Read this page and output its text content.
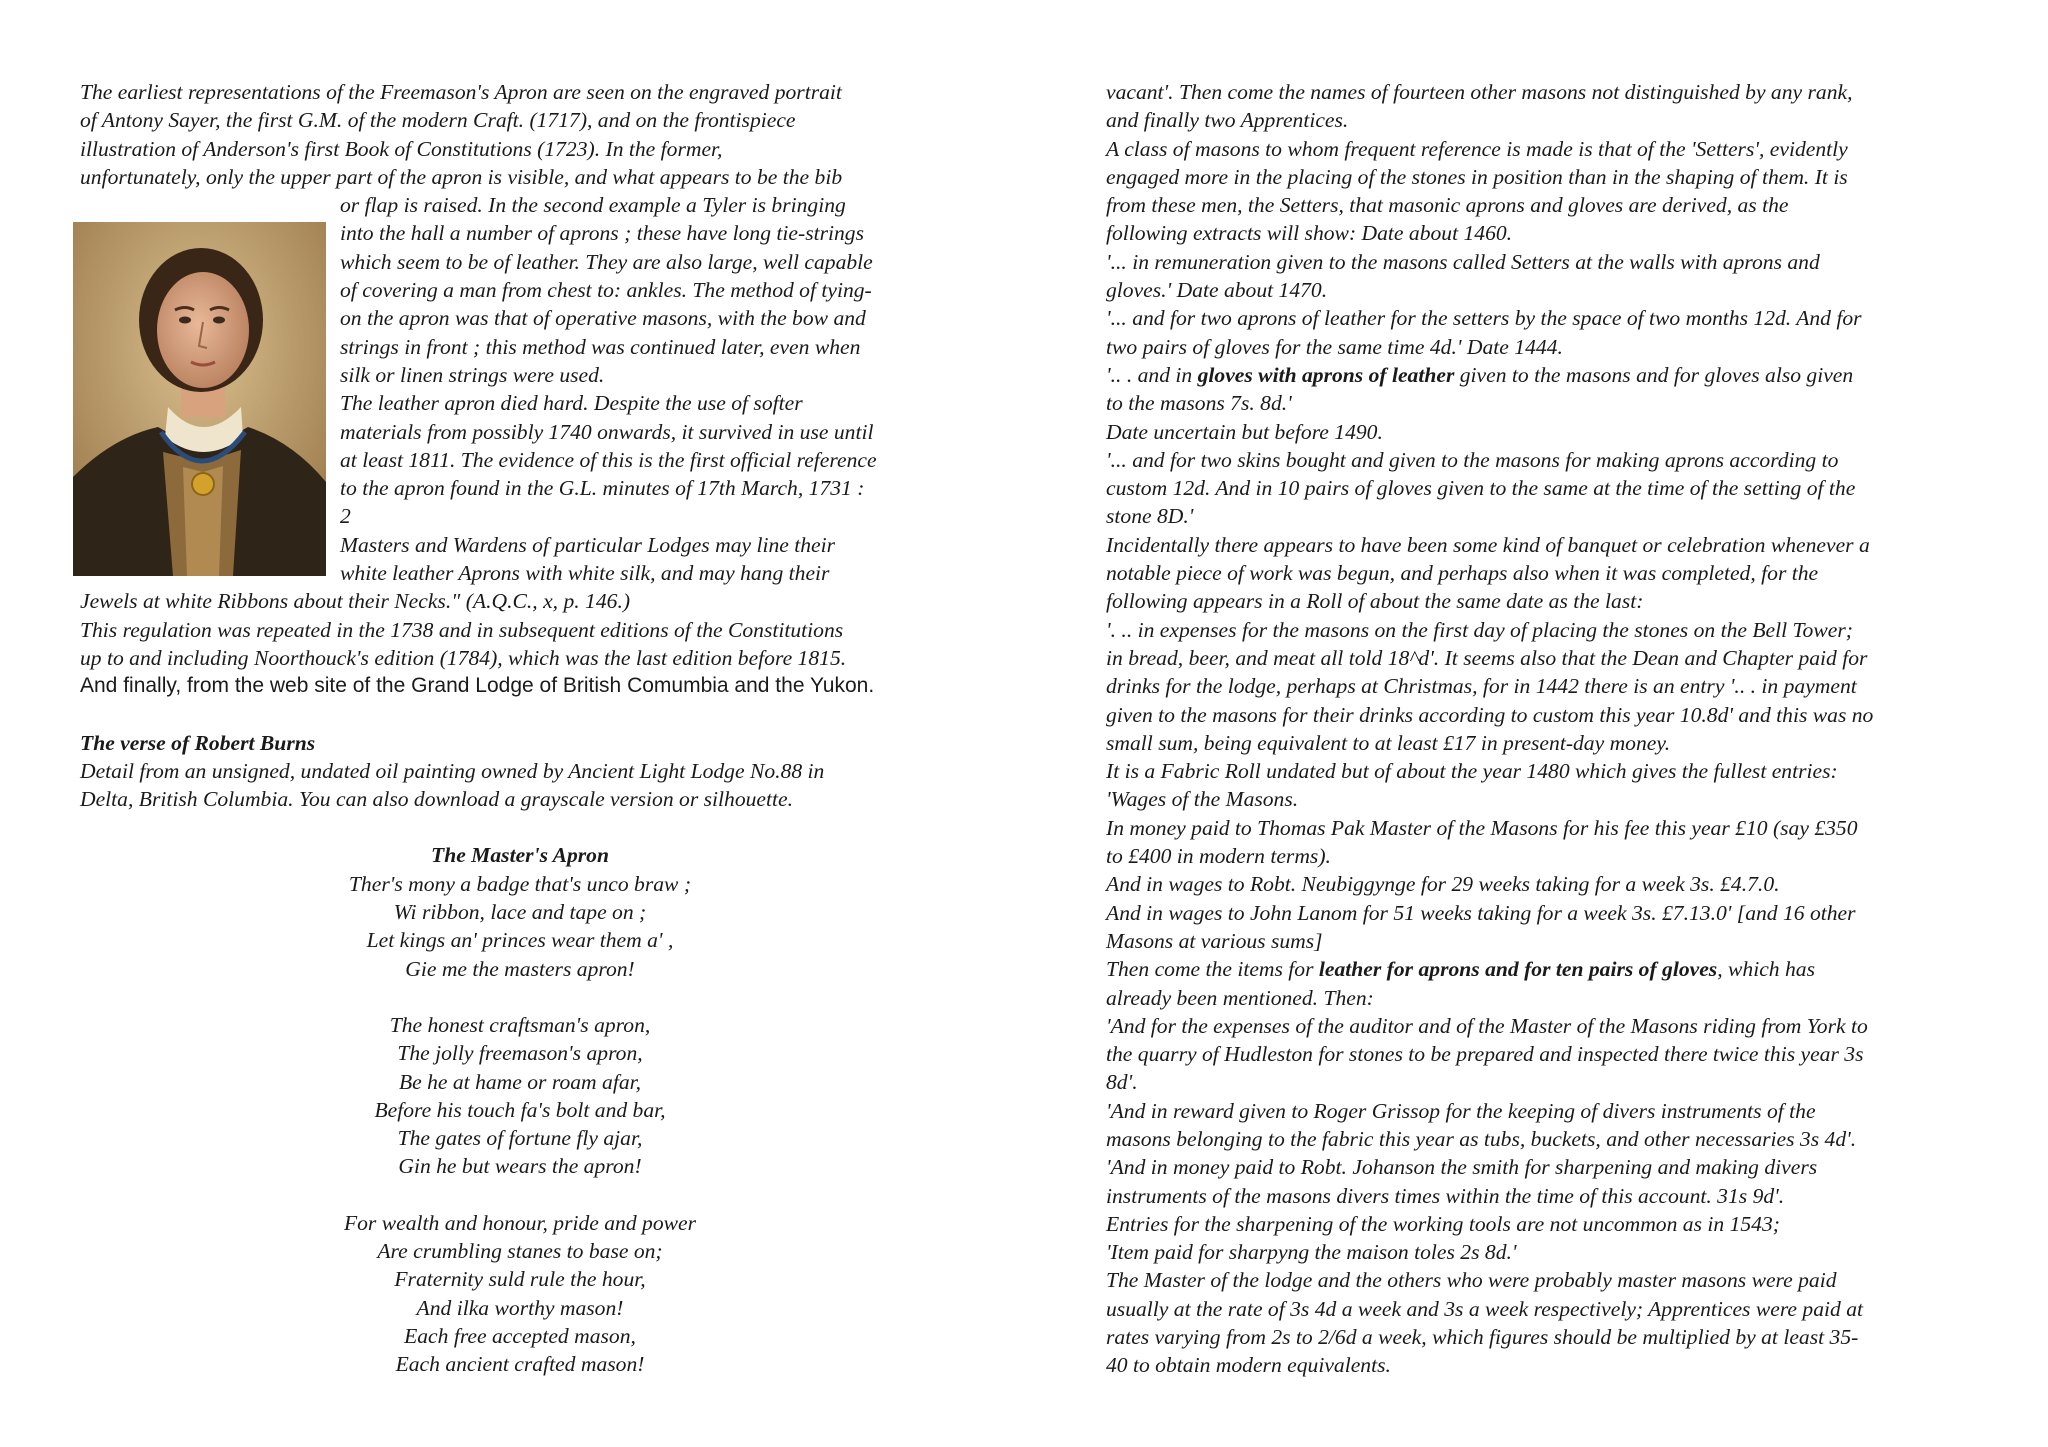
The earliest representations of the Freemason's Apron are seen on the engraved portrait
of Antony Sayer, the first G.M. of the modern Craft. (1717), and on the frontispiece
illustration of Anderson's first Book of Constitutions (1723). In the former,
unfortunately, only the upper part of the apron is visible, and what appears to be the bib
or flap is raised. In the second example a Tyler is bringing
into the hall a number of aprons ; these have long tie-strings
which seem to be of leather. They are also large, well capable
of covering a man from chest to: ankles. The method of tying-
on the apron was that of operative masons, with the bow and
strings in front ; this method was continued later, even when
silk or linen strings were used.
The leather apron died hard. Despite the use of softer
materials from possibly 1740 onwards, it survived in use until
at least 1811. The evidence of this is the first official reference
to the apron found in the G.L. minutes of 17th March, 1731 :
2
Masters and Wardens of particular Lodges may line their
white leather Aprons with white silk, and may hang their
Jewels at white Ribbons about their Necks." (A.Q.C., x, p. 146.)
This regulation was repeated in the 1738 and in subsequent editions of the Constitutions
up to and including Noorthouck's edition (1784), which was the last edition before 1815.
And finally, from the web site of the Grand Lodge of British Comumbia and the Yukon.
The verse of Robert Burns
Detail from an unsigned, undated oil painting owned by Ancient Light Lodge No.88 in
Delta, British Columbia. You can also download a grayscale version or silhouette.
The Master's Apron
Ther's mony a badge that's unco braw ;
Wi ribbon, lace and tape on ;
Let kings an' princes wear them a' ,
Gie me the masters apron!
The honest craftsman's apron,
The jolly freemason's apron,
Be he at hame or roam afar,
Before his touch fa's bolt and bar,
The gates of fortune fly ajar,
Gin he but wears the apron!
For wealth and honour, pride and power
Are crumbling stanes to base on;
Fraternity suld rule the hour,
And ilka worthy mason!
Each free accepted mason,
Each ancient crafted mason!
vacant'. Then come the names of fourteen other masons not distinguished by any rank,
and finally two Apprentices.
A class of masons to whom frequent reference is made is that of the 'Setters', evidently
engaged more in the placing of the stones in position than in the shaping of them. It is
from these men, the Setters, that masonic aprons and gloves are derived, as the
following extracts will show: Date about 1460.
'... in remuneration given to the masons called Setters at the walls with aprons and
gloves.' Date about 1470.
'... and for two aprons of leather for the setters by the space of two months 12d. And for
two pairs of gloves for the same time 4d.' Date 1444.
'.. . and in gloves with aprons of leather given to the masons and for gloves also given
to the masons 7s. 8d.'
Date uncertain but before 1490.
'... and for two skins bought and given to the masons for making aprons according to
custom 12d. And in 10 pairs of gloves given to the same at the time of the setting of the
stone 8D.'
Incidentally there appears to have been some kind of banquet or celebration whenever a
notable piece of work was begun, and perhaps also when it was completed, for the
following appears in a Roll of about the same date as the last:
'. .. in expenses for the masons on the first day of placing the stones on the Bell Tower;
in bread, beer, and meat all told 18^d'. It seems also that the Dean and Chapter paid for
drinks for the lodge, perhaps at Christmas, for in 1442 there is an entry '.. . in payment
given to the masons for their drinks according to custom this year 10.8d' and this was no
small sum, being equivalent to at least £17 in present-day money.
It is a Fabric Roll undated but of about the year 1480 which gives the fullest entries:
'Wages of the Masons.
In money paid to Thomas Pak Master of the Masons for his fee this year £10 (say £350
to £400 in modern terms).
And in wages to Robt. Neubiggynge for 29 weeks taking for a week 3s. £4.7.0.
And in wages to John Lanom for 51 weeks taking for a week 3s. £7.13.0' [and 16 other
Masons at various sums]
Then come the items for leather for aprons and for ten pairs of gloves, which has
already been mentioned. Then:
'And for the expenses of the auditor and of the Master of the Masons riding from York to
the quarry of Hudleston for stones to be prepared and inspected there twice this year 3s
8d'.
'And in reward given to Roger Grissop for the keeping of divers instruments of the
masons belonging to the fabric this year as tubs, buckets, and other necessaries 3s 4d'.
'And in money paid to Robt. Johanson the smith for sharpening and making divers
instruments of the masons divers times within the time of this account. 31s 9d'.
Entries for the sharpening of the working tools are not uncommon as in 1543;
'Item paid for sharpyng the maison toles 2s 8d.'
The Master of the lodge and the others who were probably master masons were paid
usually at the rate of 3s 4d a week and 3s a week respectively; Apprentices were paid at
rates varying from 2s to 2/6d a week, which figures should be multiplied by at least 35-
40 to obtain modern equivalents.
